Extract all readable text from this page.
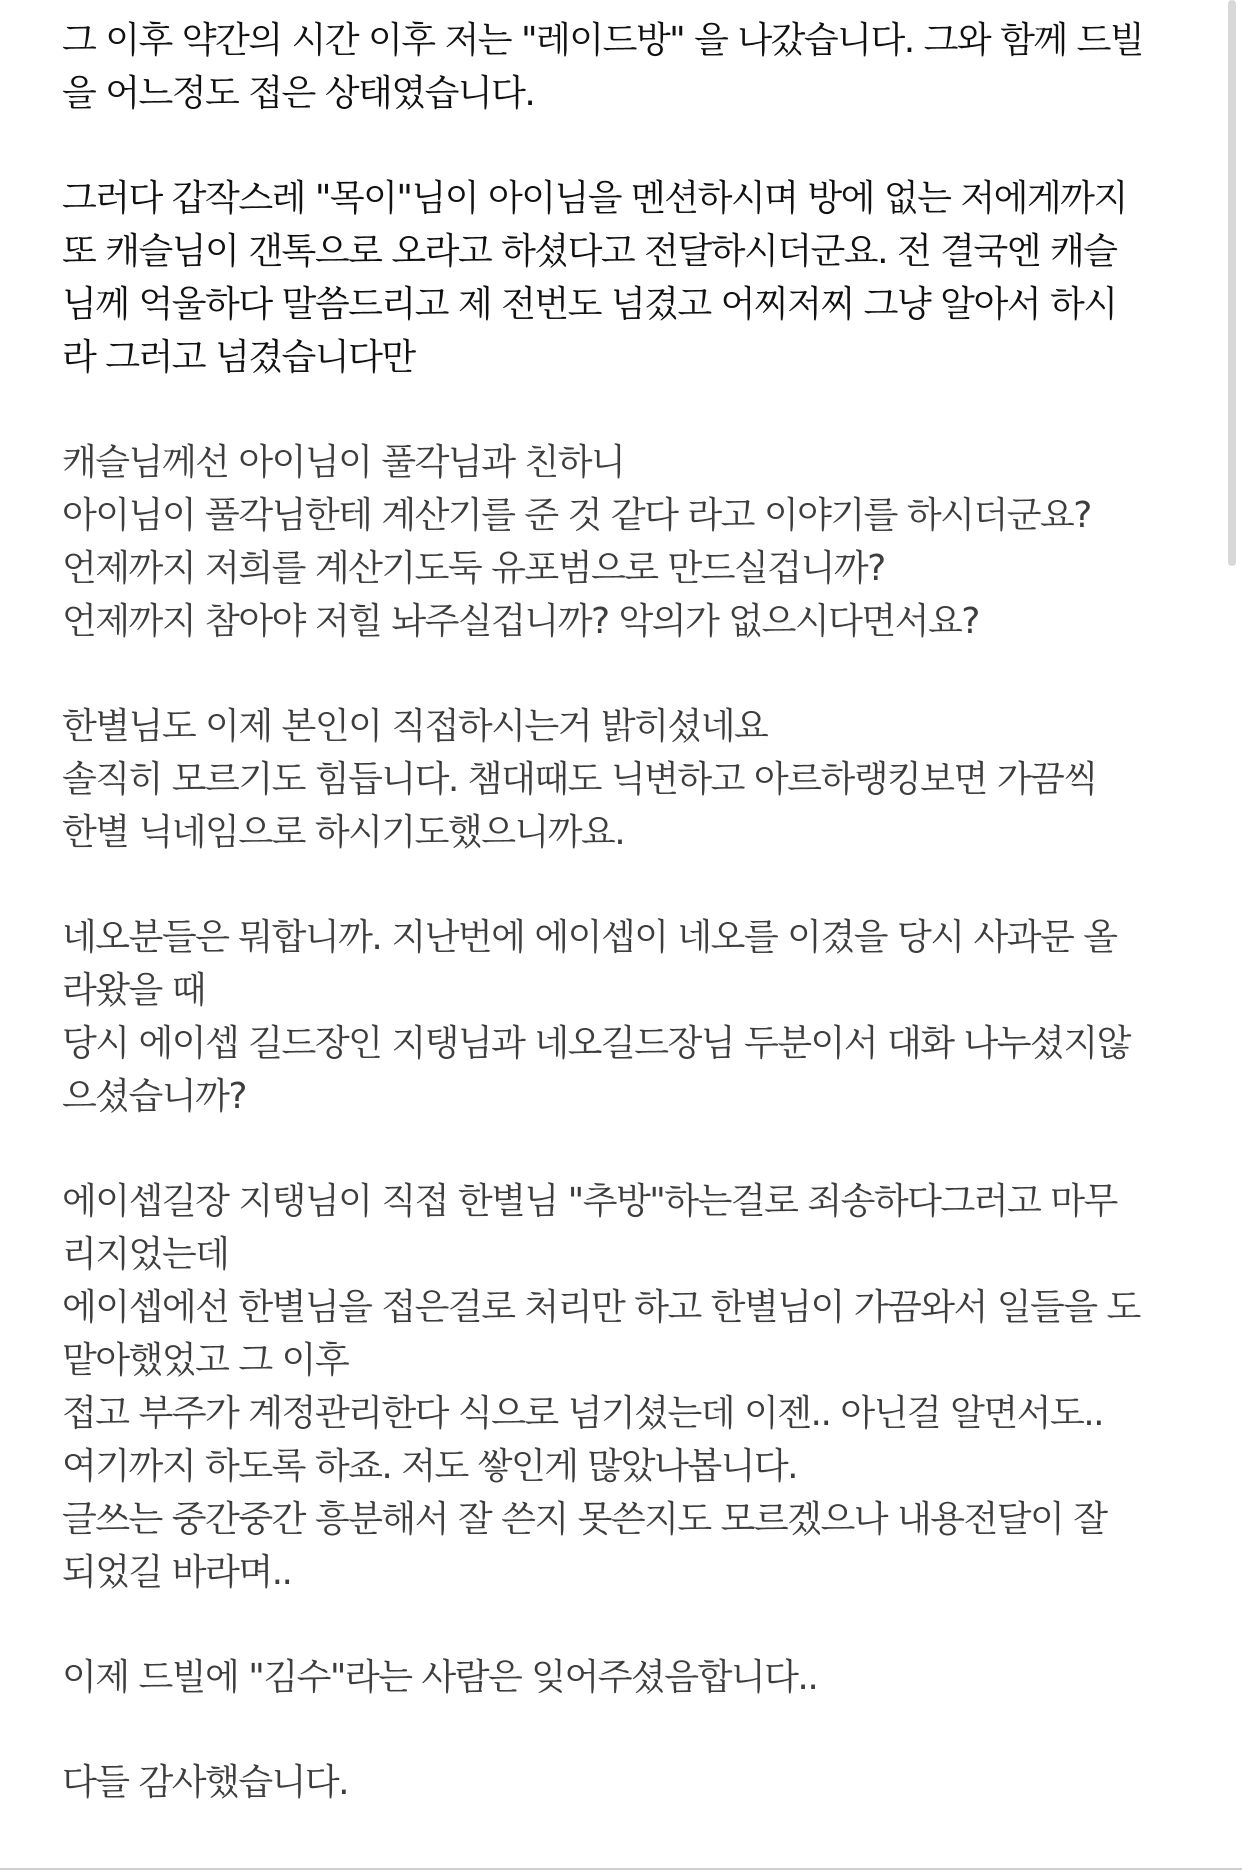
그 이후 약간의 시간 이후 저는 "레이드방" 을 나갔습니다. 그와 함께 드빌
을 어느정도 접은 상태였습니다.
그러다 갑작스레 "목이"님이 아이님을 멘션하시며 방에 없는 저에게까지
또 캐슬님이 갠톡으로 오라고 하셨다고 전달하시더군요. 전 결국엔 캐슬
님께 억울하다 말씀드리고 제 전번도 넘겼고 어찌저찌 그냥 알아서 하시
라 그러고 넘겼습니다만
캐슬님께선 아이님이 풀각님과 친하니
아이님이 풀각님한테 계산기를 준 것 같다 라고 이야기를 하시더군요?
언제까지 저희를 계산기도둑 유포범으로 만드실겁니까?
언제까지 참아야 저힐 놔주실겁니까? 악의가 없으시다면서요?
한별님도 이제 본인이 직접하시는거 밝히셨네요
솔직히 모르기도 힘듭니다. 챔대때도 닉변하고 아르하랭킹보면 가끔씩
한별 닉네임으로 하시기도했으니까요.
네오분들은 뭐합니까. 지난번에 에이셉이 네오를 이겼을 당시 사과문 올
라왔을 때
당시 에이셉 길드장인 지탱님과 네오길드장님 두분이서 대화 나누셨지않
으셨습니까?
에이셉길장 지탱님이 직접 한별님 "추방"하는걸로 죄송하다그러고 마무
리지었는데
에이셉에선 한별님을 접은걸로 처리만 하고 한별님이 가끔와서 일들을 도
맡아했었고 그 이후
접고 부주가 계정관리한다 식으로 넘기셨는데 이젠.. 아닌걸 알면서도..
여기까지 하도록 하죠. 저도 쌓인게 많았나봅니다.
글쓰는 중간중간 흥분해서 잘 쓴지 못쓴지도 모르겠으나 내용전달이 잘
되었길 바라며..
이제 드빌에 "김수"라는 사람은 잊어주셨음합니다..
다들 감사했습니다.
